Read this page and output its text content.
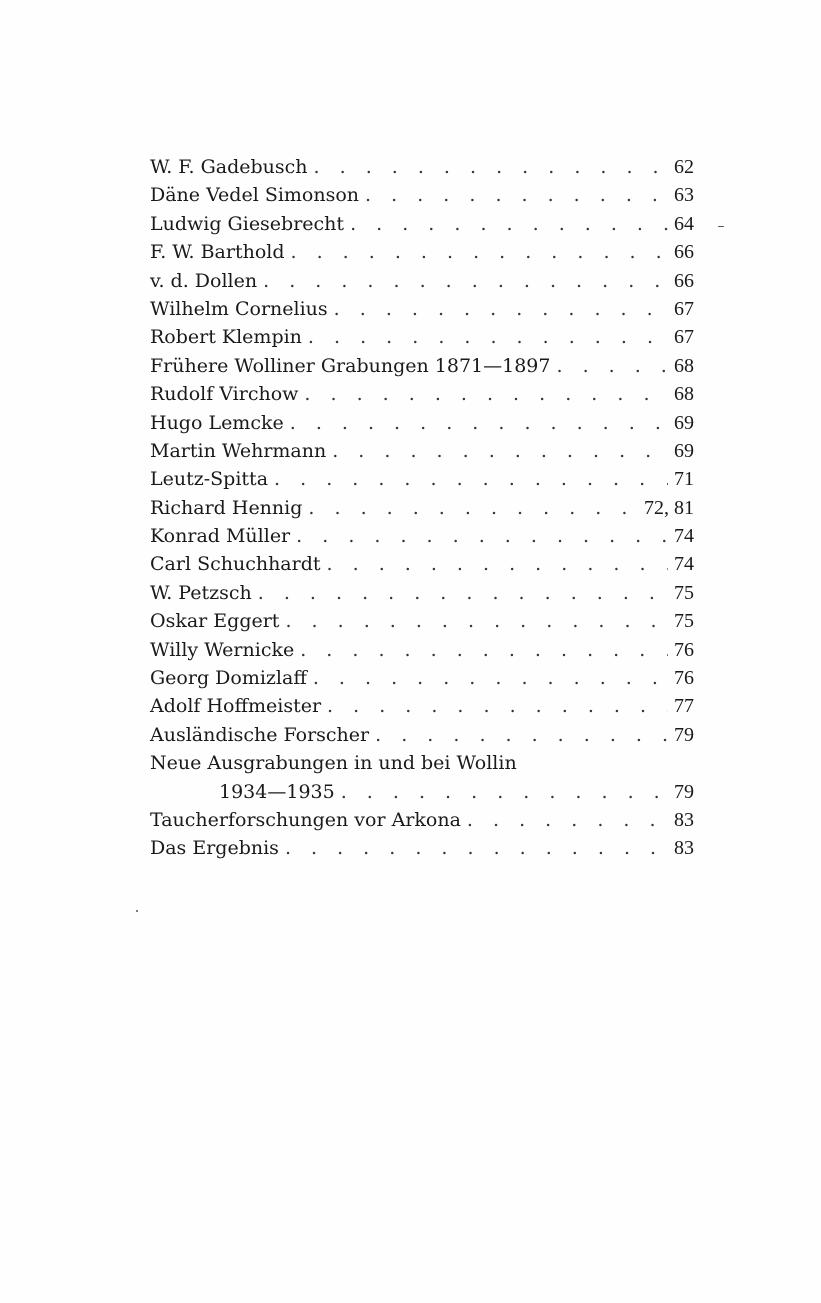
W. F. Gadebusch . . .	62
Däne Vedel Simonson . . .	63
Ludwig Giesebrecht . . .	64
F. W. Barthold . . .	66
v. d. Dollen . . .	66
Wilhelm Cornelius . . .	67
Robert Klempin . . .	67
Frühere Wolliner Grabungen 1871—1897 . . .	68
Rudolf Virchow . . .	68
Hugo Lemcke . . .	69
Martin Wehrmann . . .	69
Leutz-Spitta . . .	71
Richard Hennig . . .	72, 81
Konrad Müller . . .	74
Carl Schuchhardt . . .	74
W. Petzsch . . .	75
Oskar Eggert . . .	75
Willy Wernicke . . .	76
Georg Domizlaff . . .	76
Adolf Hoffmeister . . .	77
Ausländische Forscher . . .	79
Neue Ausgrabungen in und bei Wollin
1934—1935 . . .	79
Taucherforschungen vor Arkona . . .	83
Das Ergebnis . . .	83
